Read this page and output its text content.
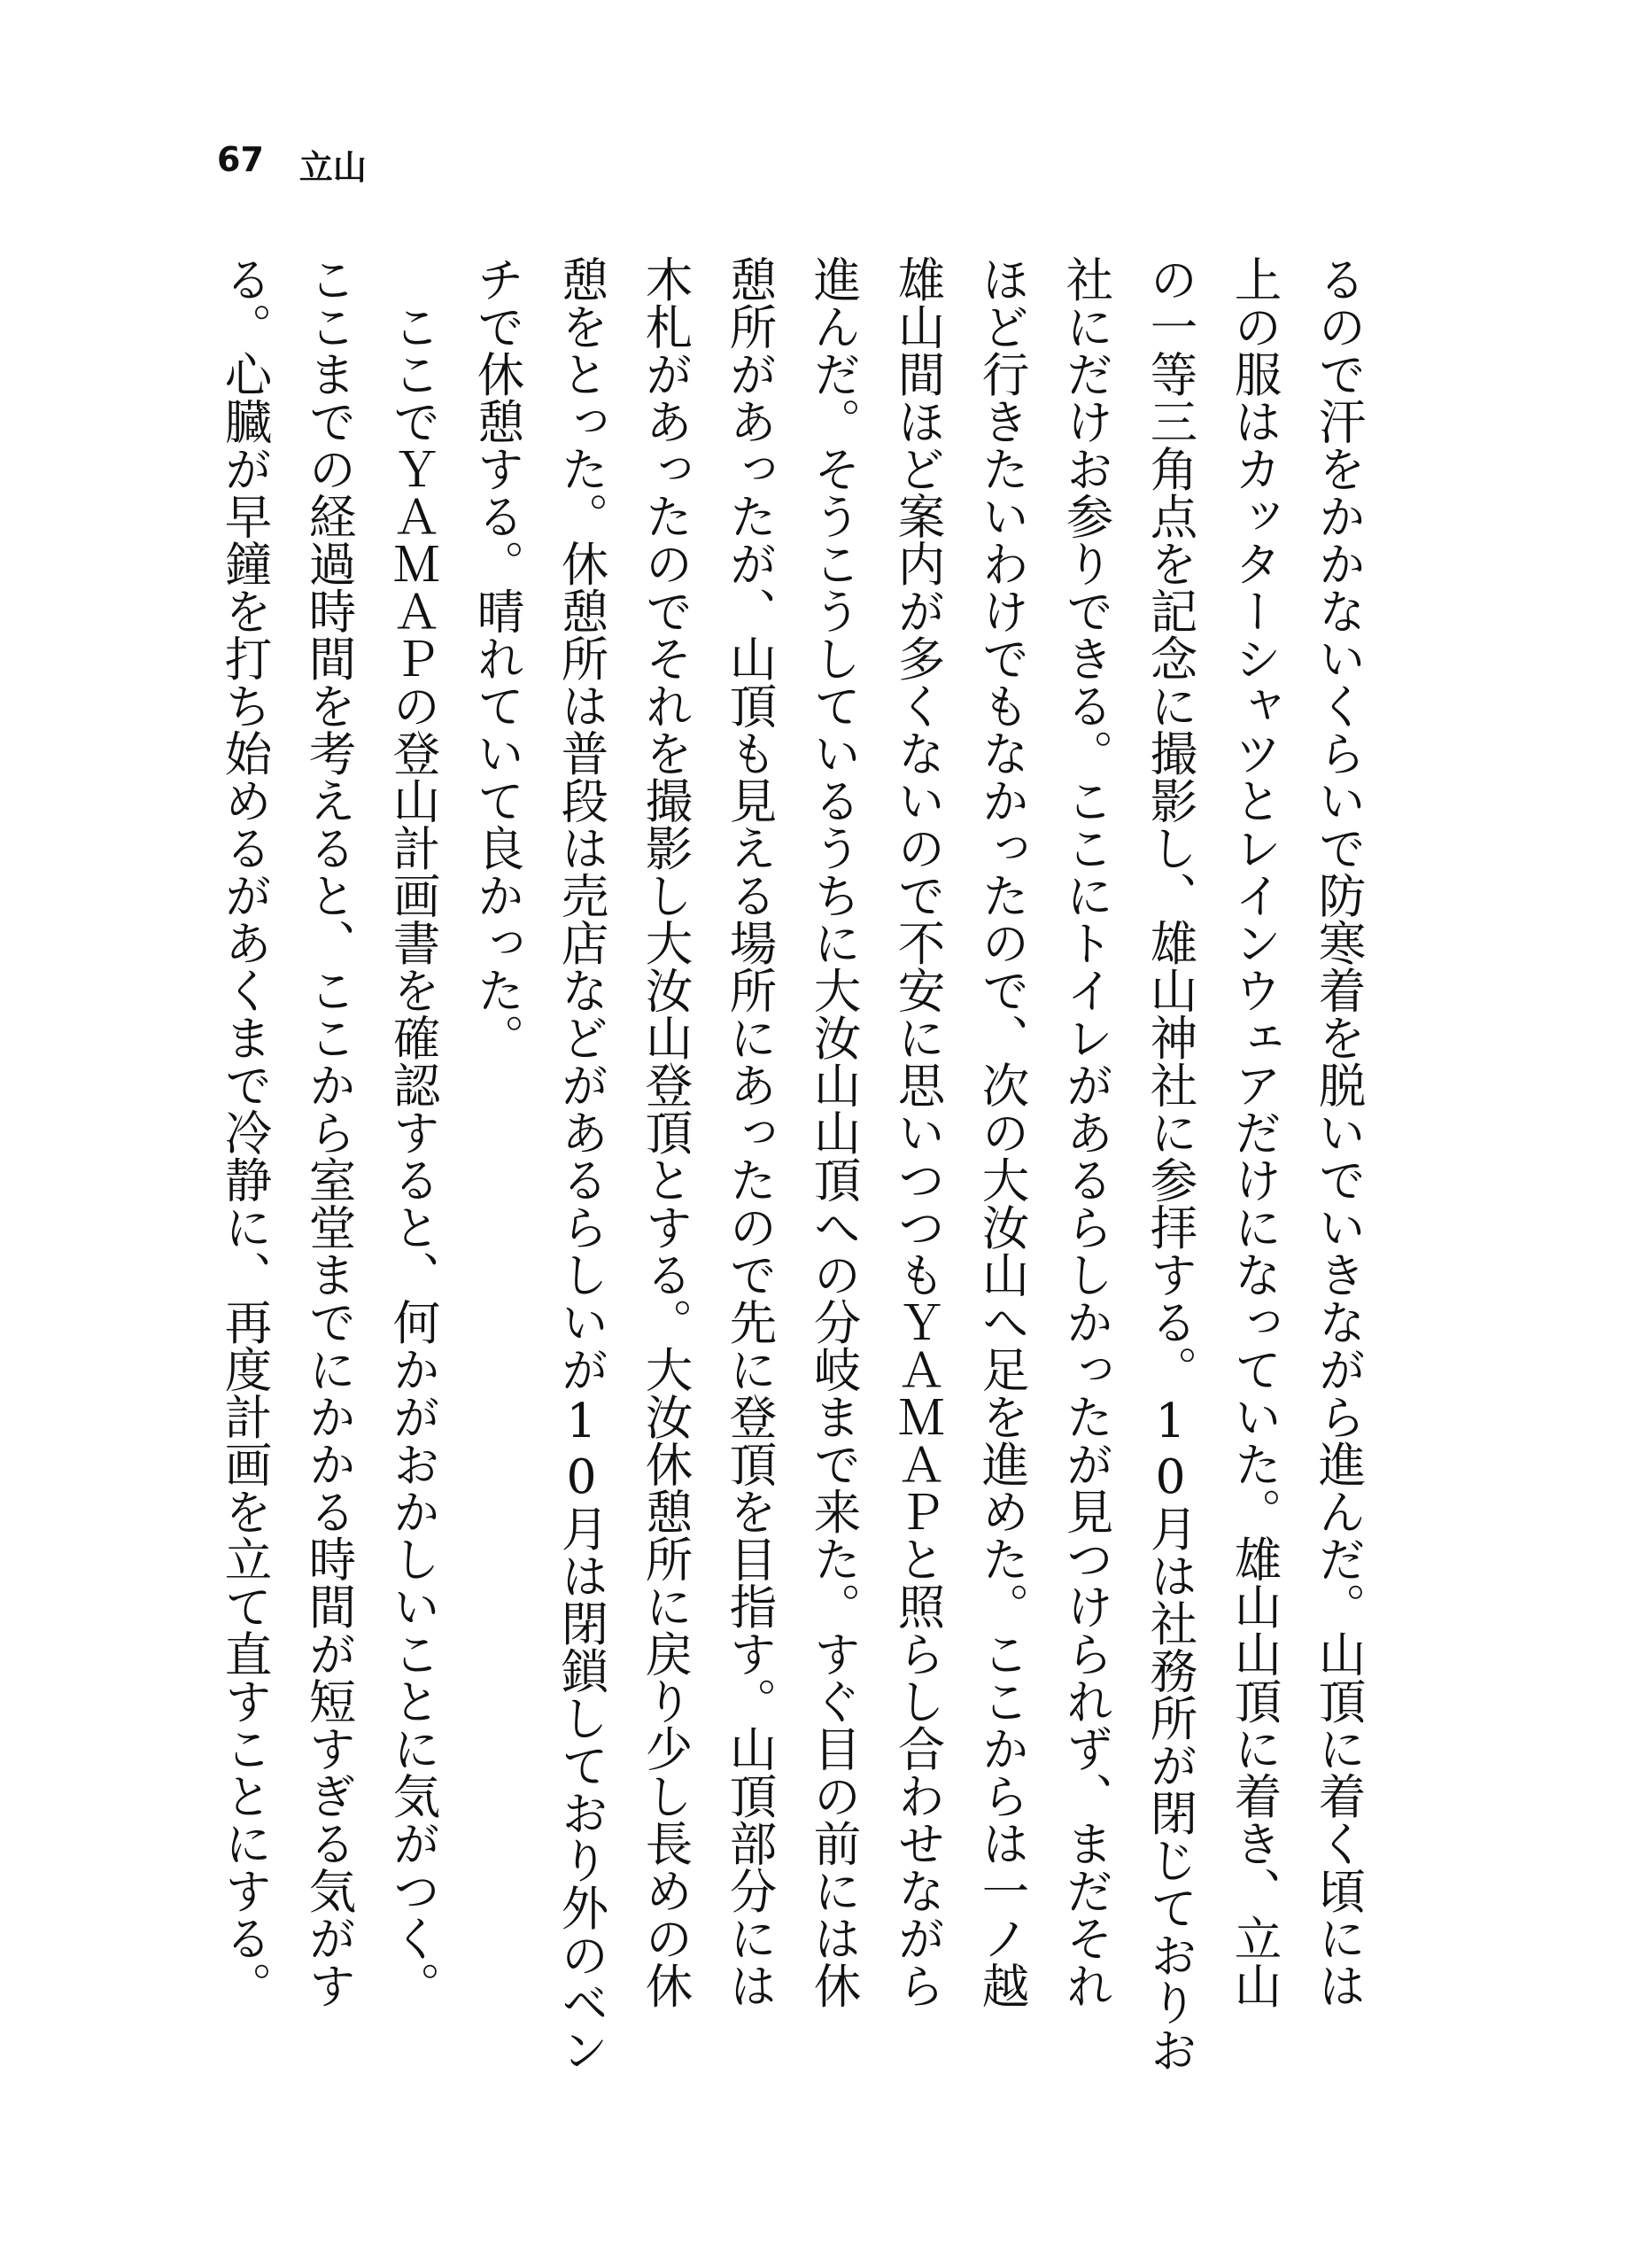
67 立山
るので汗をかかないくらいで防寒着を脱いでいきながら進んだ。山頂に着く頃には
上の服はカッターシャツとレインウェアだけになっていた。雄山山頂に着き、立山
の一等三角点を記念に撮影し、雄山神社に参拝する。10月は社務所が閉じておりお
社にだけお参りできる。ここにトイレがあるらしかったが見つけられず、まだそれ
ほど行きたいわけでもなかったので、次の大汝山へ足を進めた。ここからは一ノ越
雄山間ほど案内が多くないので不安に思いつつもＹＡＭＡＰと照らし合わせながら
進んだ。そうこうしているうちに大汝山山頂への分岐まで来た。すぐ目の前には休
憩所があったが、山頂も見える場所にあったので先に登頂を目指す。山頂部分には
木札があったのでそれを撮影し大汝山登頂とする。大汝休憩所に戻り少し長めの休
憩をとった。休憩所は普段は売店などがあるらしいが10月は閉鎖しており外のベン
チで休憩する。晴れていて良かった。
　ここでＹＡＭＡＰの登山計画書を確認すると、何かがおかしいことに気がつく。
ここまでの経過時間を考えると、ここから室堂までにかかる時間が短すぎる気がす
る。心臓が早鐘を打ち始めるがあくまで冷静に、再度計画を立て直すことにする。
